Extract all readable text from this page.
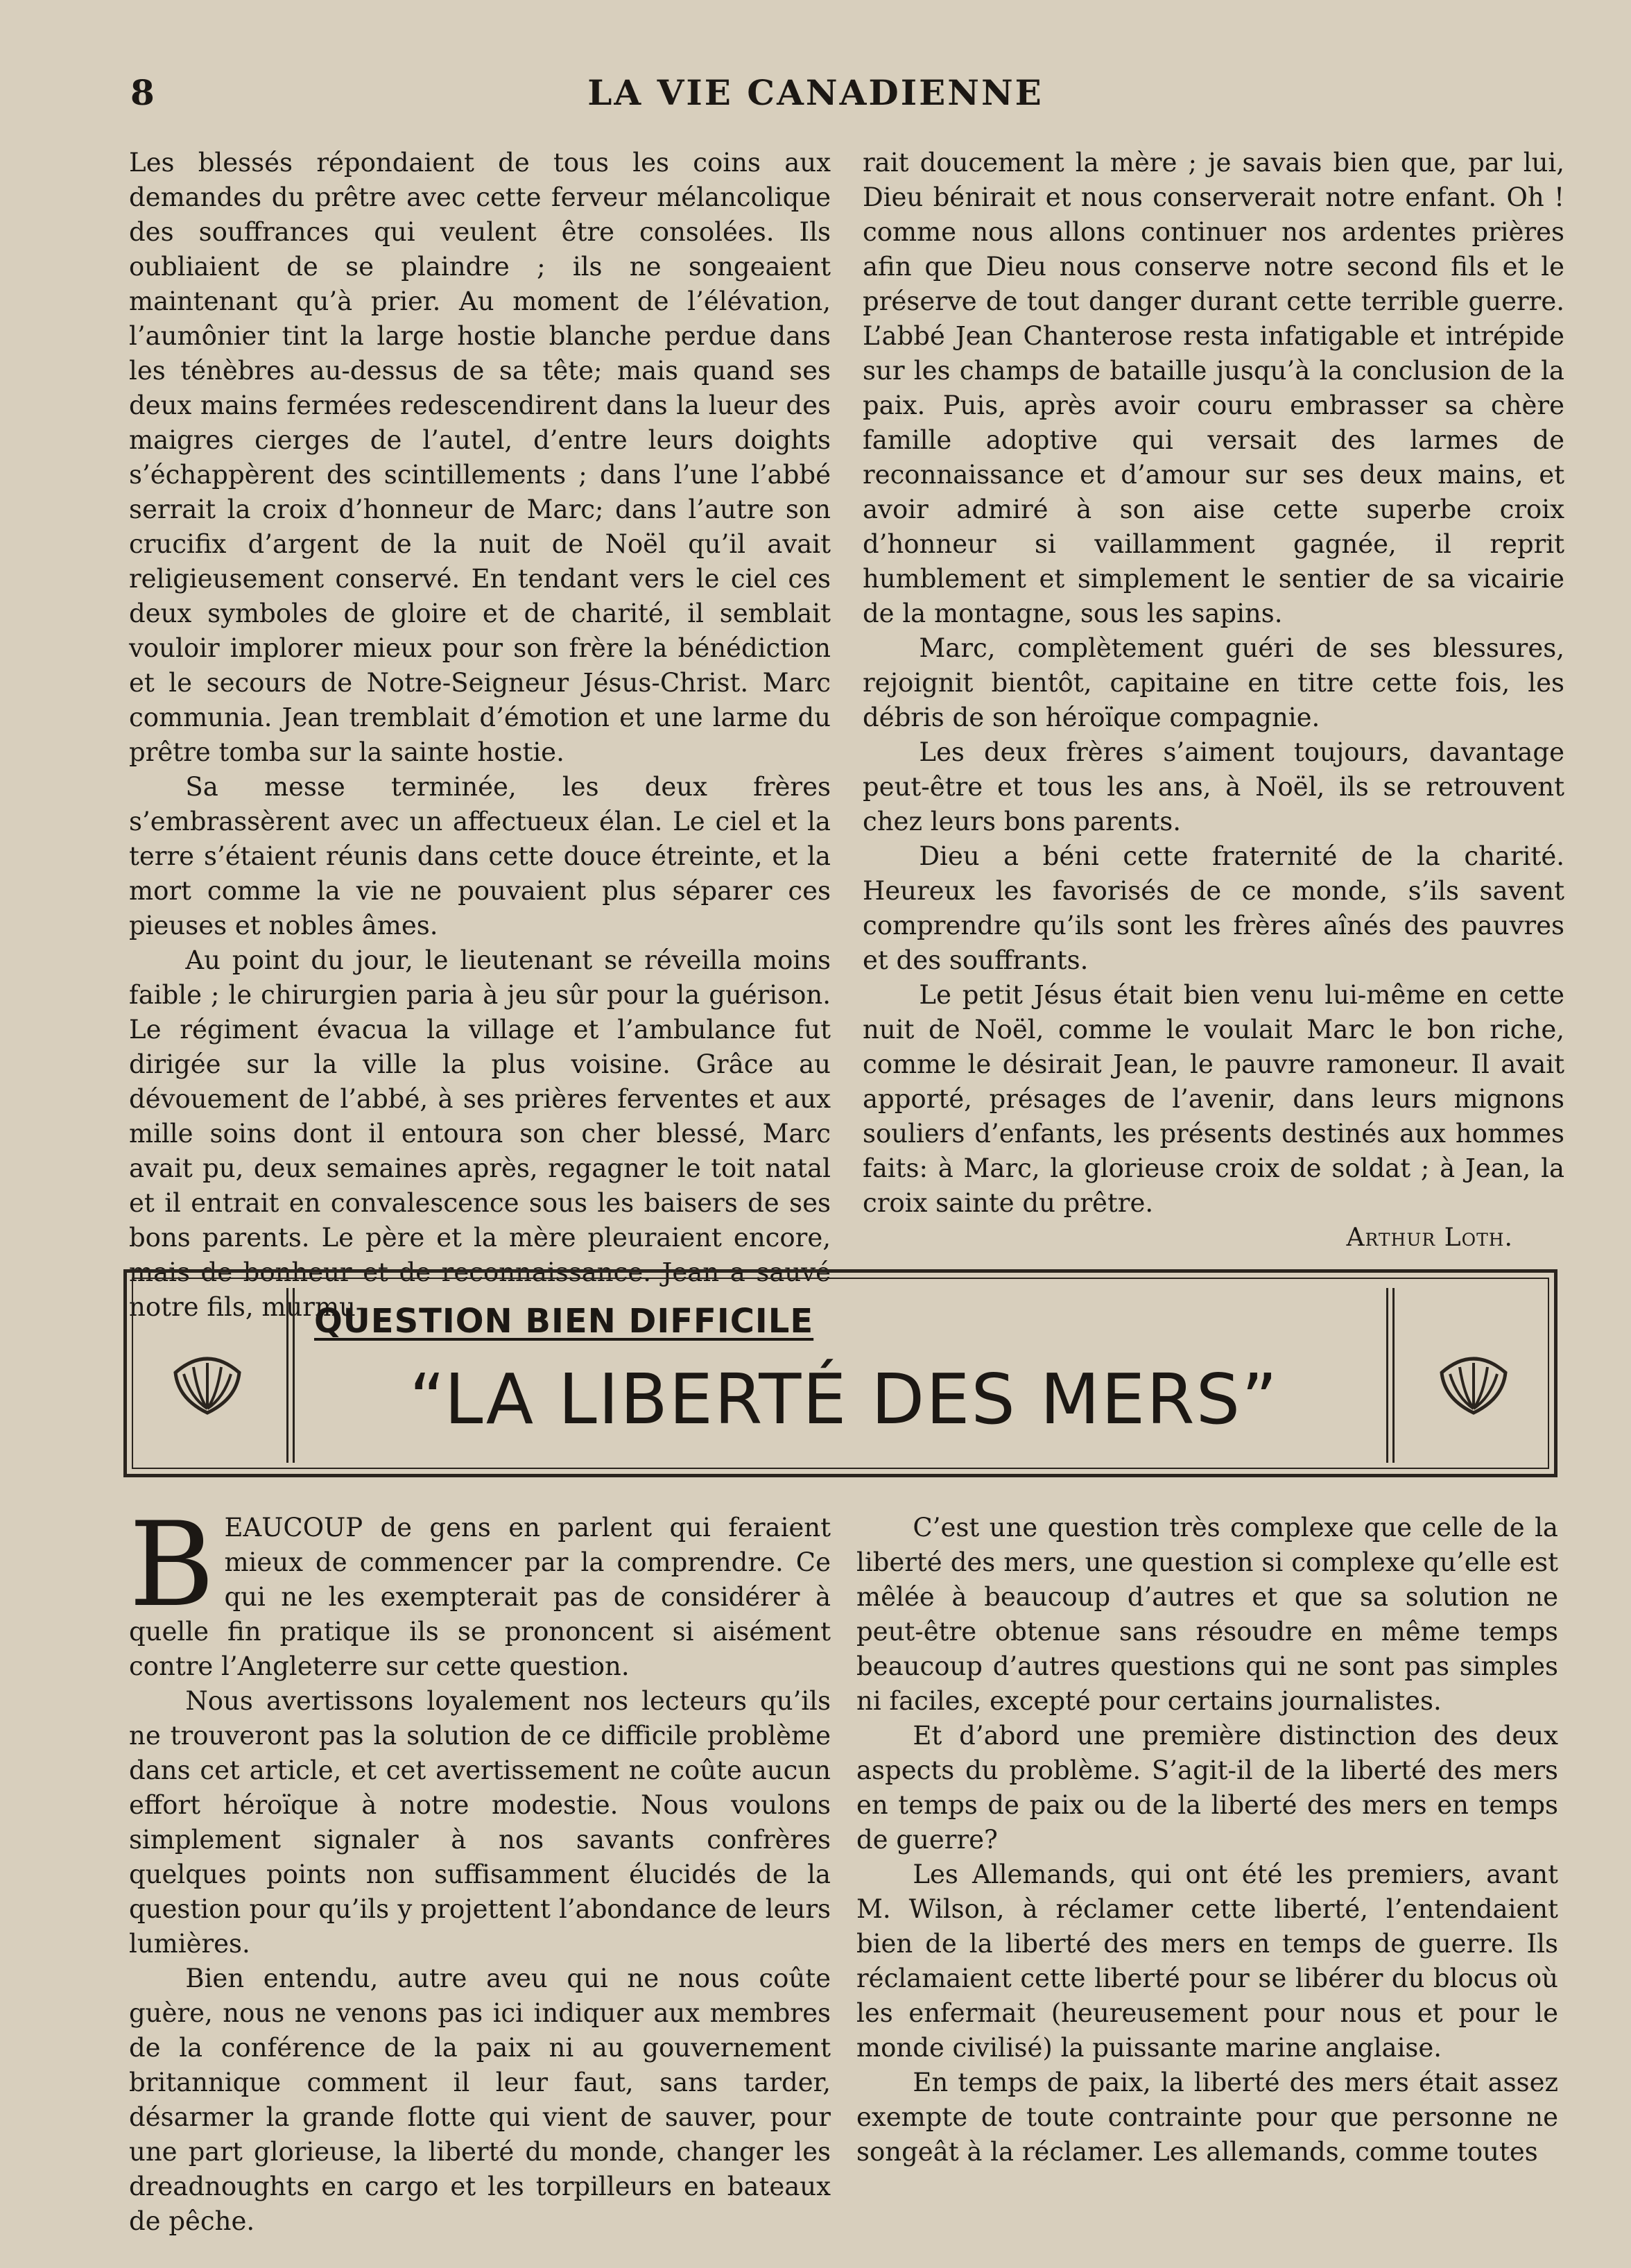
8	LA VIE CANADIENNE

Les blessés répondaient de tous les coins aux demandes du prêtre avec cette ferveur mélancolique des souffrances qui veulent être consolées. Ils oubliaient de se plaindre ; ils ne songeaient maintenant qu’à prier. Au moment de l’élévation, l’aumônier tint la large hostie blanche perdue dans les ténèbres au-dessus de sa tête; mais quand ses deux mains fermées redescendirent dans la lueur des maigres cierges de l’autel, d’entre leurs doights s’échappèrent des scintillements ; dans l’une l’abbé serrait la croix d’honneur de Marc; dans l’autre son crucifix d’argent de la nuit de Noël qu’il avait religieusement conservé. En tendant vers le ciel ces deux symboles de gloire et de charité, il semblait vouloir implorer mieux pour son frère la bénédiction et le secours de Notre-Seigneur Jésus-Christ. Marc communia. Jean tremblait d’émotion et une larme du prêtre tomba sur la sainte hostie.

Sa messe terminée, les deux frères s’embrassèrent avec un affectueux élan. Le ciel et la terre s’étaient réunis dans cette douce étreinte, et la mort comme la vie ne pouvaient plus séparer ces pieuses et nobles âmes.

Au point du jour, le lieutenant se réveilla moins faible ; le chirurgien paria à jeu sûr pour la guérison. Le régiment évacua la village et l’ambulance fut dirigée sur la ville la plus voisine. Grâce au dévouement de l’abbé, à ses prières ferventes et aux mille soins dont il entoura son cher blessé, Marc avait pu, deux semaines après, regagner le toit natal et il entrait en convalescence sous les baisers de ses bons parents. Le père et la mère pleuraient encore, mais de bonheur et de reconnaissance. Jean a sauvé notre fils, murmu-

rait doucement la mère ; je savais bien que, par lui, Dieu bénirait et nous conserverait notre enfant. Oh ! comme nous allons continuer nos ardentes prières afin que Dieu nous conserve notre second fils et le préserve de tout danger durant cette terrible guerre. L’abbé Jean Chanterose resta infatigable et intrépide sur les champs de bataille jusqu’à la conclusion de la paix. Puis, après avoir couru embrasser sa chère famille adoptive qui versait des larmes de reconnaissance et d’amour sur ses deux mains, et avoir admiré à son aise cette superbe croix d’honneur si vaillamment gagnée, il reprit humblement et simplement le sentier de sa vicairie de la montagne, sous les sapins.

Marc, complètement guéri de ses blessures, rejoignit bientôt, capitaine en titre cette fois, les débris de son héroïque compagnie.

Les deux frères s’aiment toujours, davantage peut-être et tous les ans, à Noël, ils se retrouvent chez leurs bons parents.

Dieu a béni cette fraternité de la charité. Heureux les favorisés de ce monde, s’ils savent comprendre qu’ils sont les frères aînés des pauvres et des souffrants.

Le petit Jésus était bien venu lui-même en cette nuit de Noël, comme le voulait Marc le bon riche, comme le désirait Jean, le pauvre ramoneur. Il avait apporté, présages de l’avenir, dans leurs mignons souliers d’enfants, les présents destinés aux hommes faits: à Marc, la glorieuse croix de soldat ; à Jean, la croix sainte du prêtre.

Arthur Loth.
QUESTION BIEN DIFFICILE
“LA LIBERTÉ DES MERS”

BEAUCOUP de gens en parlent qui feraient mieux de commencer par la comprendre. Ce qui ne les exempterait pas de considérer à quelle fin pratique ils se prononcent si aisément contre l’Angleterre sur cette question.

Nous avertissons loyalement nos lecteurs qu’ils ne trouveront pas la solution de ce difficile problème dans cet article, et cet avertissement ne coûte aucun effort héroïque à notre modestie. Nous voulons simplement signaler à nos savants confrères quelques points non suffisamment élucidés de la question pour qu’ils y projettent l’abondance de leurs lumières.

Bien entendu, autre aveu qui ne nous coûte guère, nous ne venons pas ici indiquer aux membres de la conférence de la paix ni au gouvernement britannique comment il leur faut, sans tarder, désarmer la grande flotte qui vient de sauver, pour une part glorieuse, la liberté du monde, changer les dreadnoughts en cargo et les torpilleurs en bateaux de pêche.

C’est une question très complexe que celle de la liberté des mers, une question si complexe qu’elle est mêlée à beaucoup d’autres et que sa solution ne peut-être obtenue sans résoudre en même temps beaucoup d’autres questions qui ne sont pas simples ni faciles, excepté pour certains journalistes.

Et d’abord une première distinction des deux aspects du problème. S’agit-il de la liberté des mers en temps de paix ou de la liberté des mers en temps de guerre?

Les Allemands, qui ont été les premiers, avant M. Wilson, à réclamer cette liberté, l’entendaient bien de la liberté des mers en temps de guerre. Ils réclamaient cette liberté pour se libérer du blocus où les enfermait (heureusement pour nous et pour le monde civilisé) la puissante marine anglaise.

En temps de paix, la liberté des mers était assez exempte de toute contrainte pour que personne ne songeât à la réclamer. Les allemands, comme toutes
